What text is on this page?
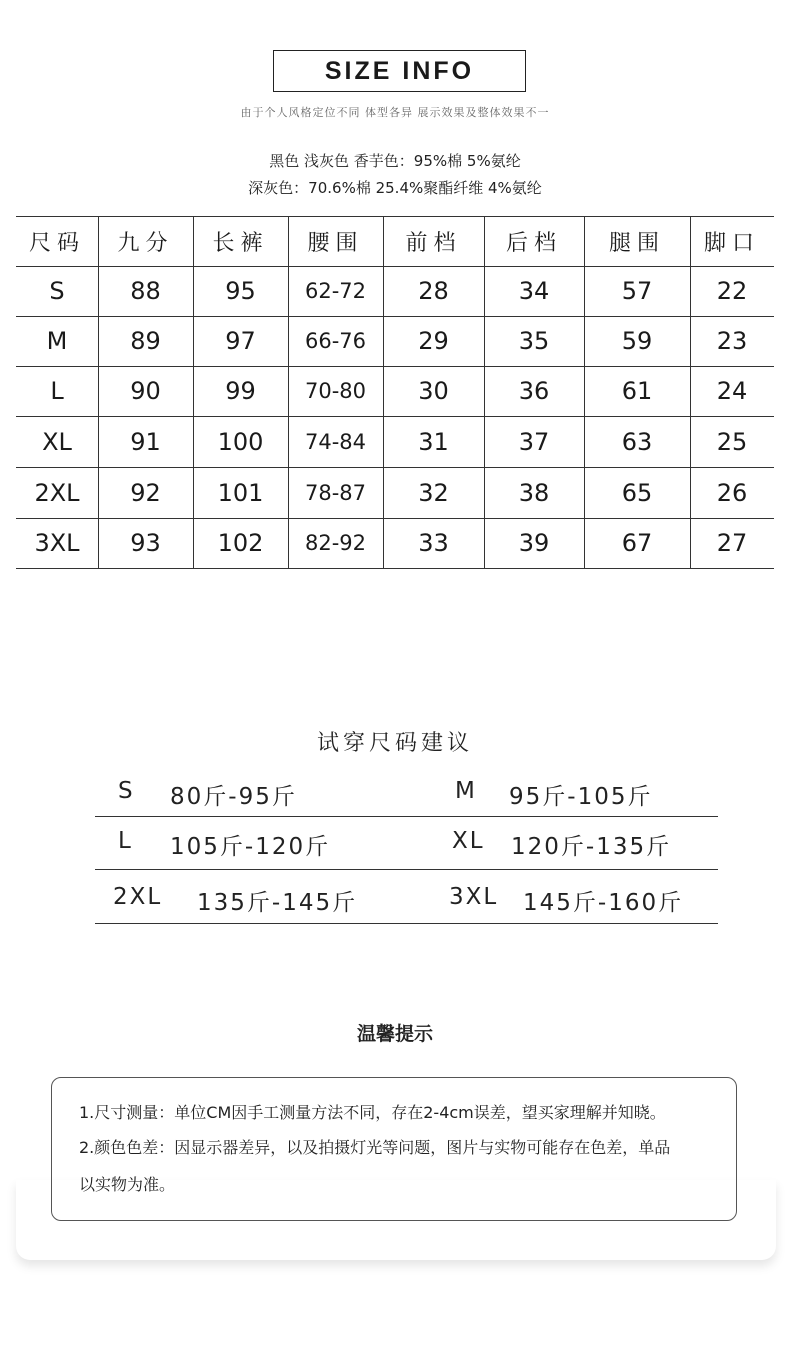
SIZE INFO
由于个人风格定位不同 体型各异 展示效果及整体效果不一
黑色 浅灰色 香芋色：95%棉 5%氨纶
深灰色：70.6%棉 25.4%聚酯纤维 4%氨纶
尺码	九分	长裤	腰围	前档	后档	腿围	脚口
S	88	95	62-72	28	34	57	22
M	89	97	66-76	29	35	59	23
L	90	99	70-80	30	36	61	24
XL	91	100	74-84	31	37	63	25
2XL	92	101	78-87	32	38	65	26
3XL	93	102	82-92	33	39	67	27
试穿尺码建议
S 80斤-95斤	M 95斤-105斤
L 105斤-120斤	XL 120斤-135斤
2XL 135斤-145斤	3XL 145斤-160斤
温馨提示
1.尺寸测量：单位CM因手工测量方法不同，存在2-4cm误差，望买家理解并知晓。
2.颜色色差：因显示器差异，以及拍摄灯光等问题，图片与实物可能存在色差，单品
以实物为准。
